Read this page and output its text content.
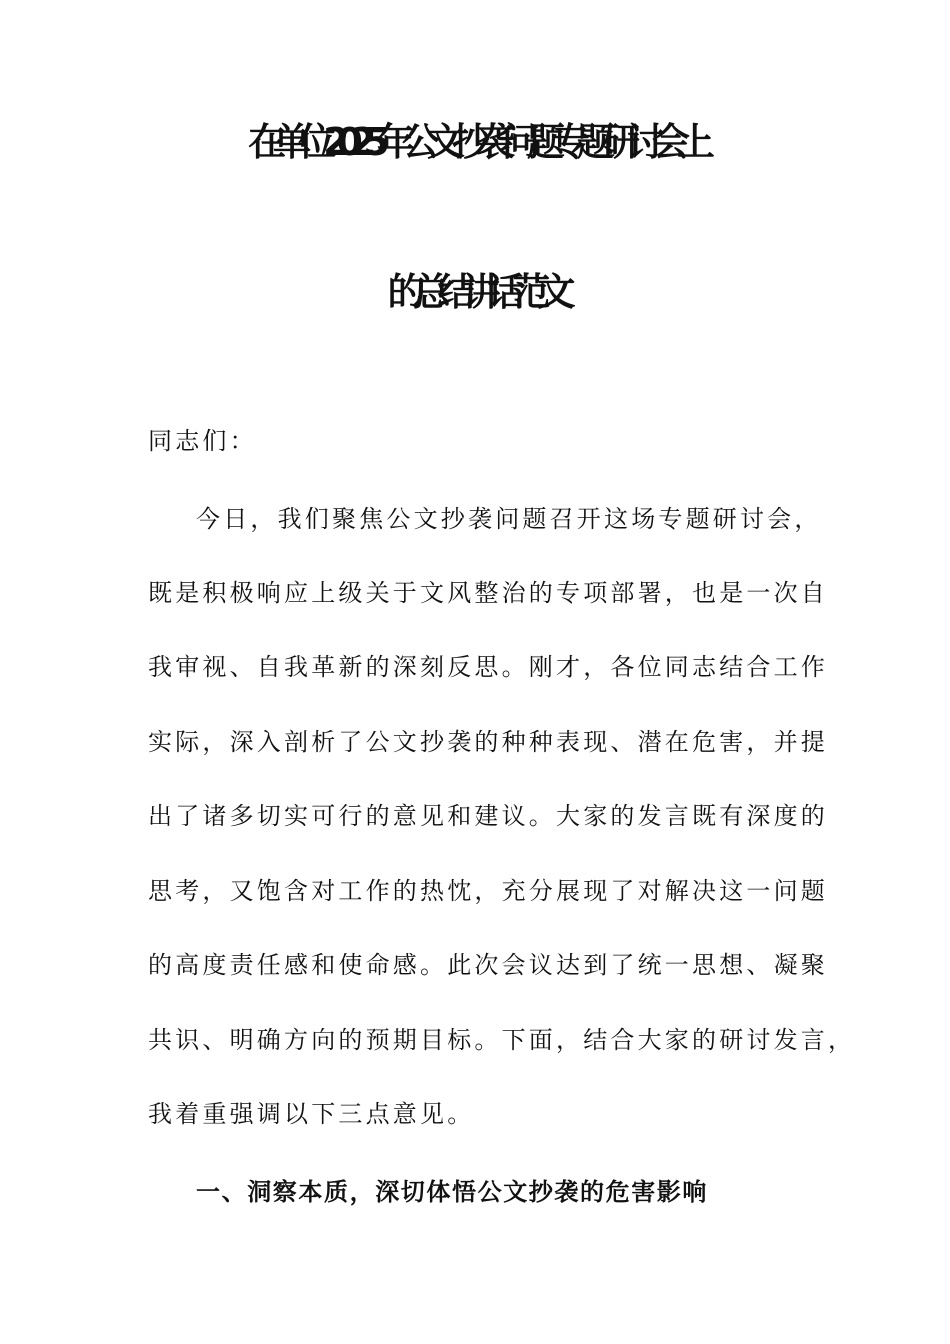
在单位2025年公文抄袭问题专题研讨会上
的总结讲话范文
同志们：
今日，我们聚焦公文抄袭问题召开这场专题研讨会，
既是积极响应上级关于文风整治的专项部署，也是一次自
我审视、自我革新的深刻反思。刚才，各位同志结合工作
实际，深入剖析了公文抄袭的种种表现、潜在危害，并提
出了诸多切实可行的意见和建议。大家的发言既有深度的
思考，又饱含对工作的热忱，充分展现了对解决这一问题
的高度责任感和使命感。此次会议达到了统一思想、凝聚
共识、明确方向的预期目标。下面，结合大家的研讨发言，
我着重强调以下三点意见。
一、洞察本质，深切体悟公文抄袭的危害影响
